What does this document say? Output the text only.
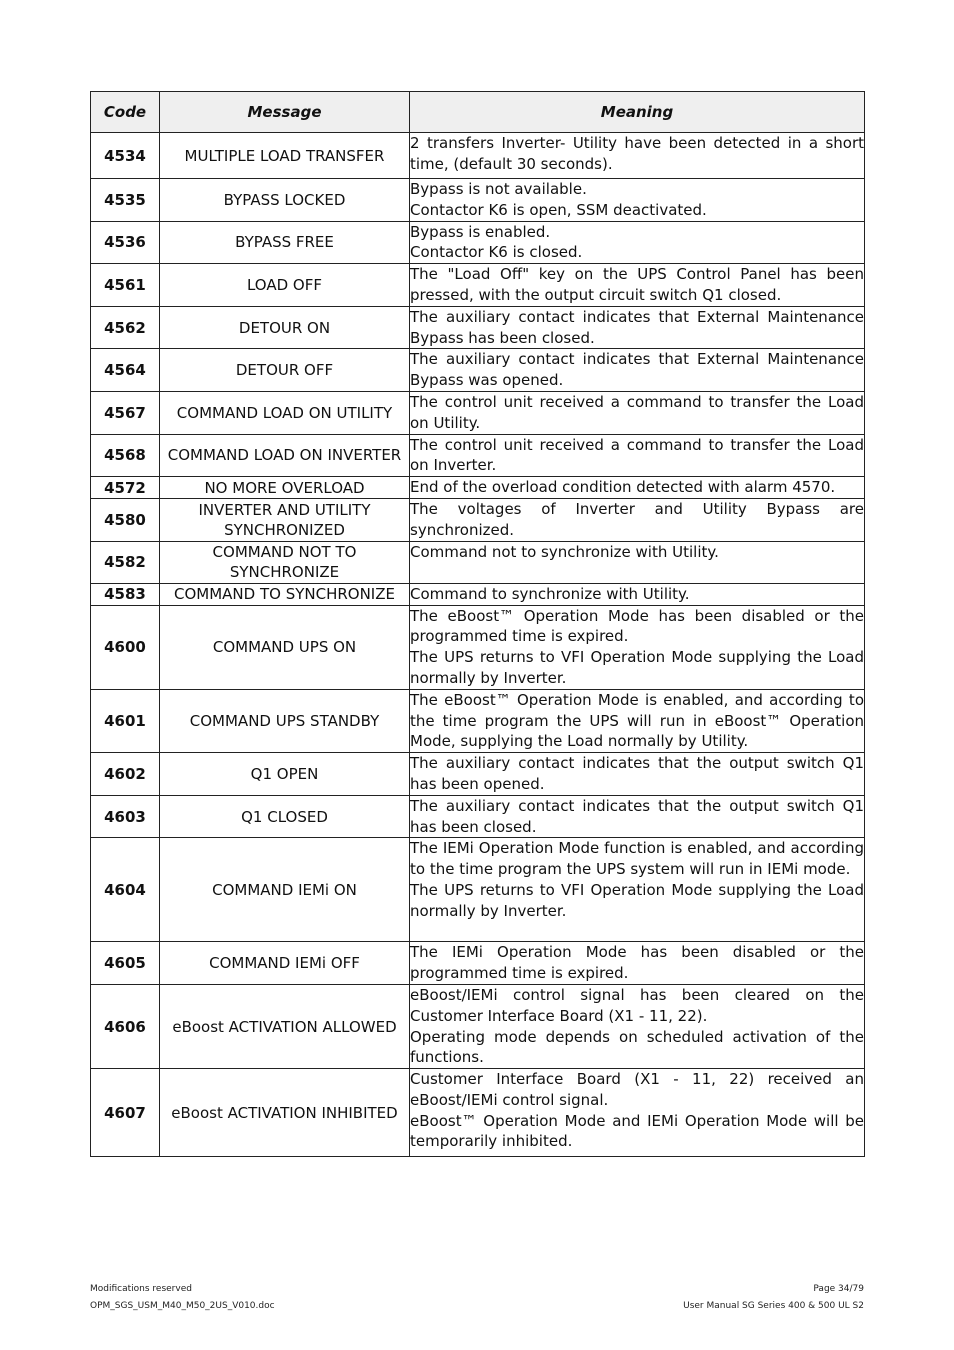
Code	Message	Meaning
4534	MULTIPLE LOAD TRANSFER	2 transfers Inverter- Utility have been detected in a short time, (default 30 seconds).
4535	BYPASS LOCKED	Bypass is not available.
Contactor K6 is open, SSM deactivated.

4536	BYPASS FREE	Bypass is enabled.
Contactor K6 is closed.

4561	LOAD OFF	The "Load Off" key on the UPS Control Panel has been pressed, with the output circuit switch Q1 closed.
4562	DETOUR ON	The auxiliary contact indicates that External Maintenance Bypass has been closed.
4564	DETOUR OFF	The auxiliary contact indicates that External Maintenance Bypass was opened.
4567	COMMAND LOAD ON UTILITY	The control unit received a command to transfer the Load on Utility.
4568	COMMAND LOAD ON INVERTER	The control unit received a command to transfer the Load on Inverter.
4572	NO MORE OVERLOAD	End of the overload condition detected with alarm 4570.
4580	INVERTER AND UTILITY SYNCHRONIZED	The voltages of Inverter and Utility Bypass are synchronized.
4582	COMMAND NOT TO SYNCHRONIZE	Command not to synchronize with Utility.
4583	COMMAND TO SYNCHRONIZE	Command to synchronize with Utility.
4600	COMMAND UPS ON	The eBoost™ Operation Mode has been disabled or the programmed time is expired.
The UPS returns to VFI Operation Mode supplying the Load normally by Inverter.

4601	COMMAND UPS STANDBY	The eBoost™ Operation Mode is enabled, and according to the time program the UPS will run in eBoost™ Operation Mode, supplying the Load normally by Utility.
4602	Q1 OPEN	The auxiliary contact indicates that the output switch Q1 has been opened.
4603	Q1 CLOSED	The auxiliary contact indicates that the output switch Q1 has been closed.
4604	COMMAND IEMi ON	The IEMi Operation Mode function is enabled, and according to the time program the UPS system will run in IEMi mode.
The UPS returns to VFI Operation Mode supplying the Load normally by Inverter.

4605	COMMAND IEMi OFF	The IEMi Operation Mode has been disabled or the programmed time is expired.
4606	eBoost ACTIVATION ALLOWED	eBoost/IEMi control signal has been cleared on the Customer Interface Board (X1 - 11, 22).
Operating mode depends on scheduled activation of the functions.

4607	eBoost ACTIVATION INHIBITED	Customer Interface Board (X1 - 11, 22) received an eBoost/IEMi control signal.
eBoost™ Operation Mode and IEMi Operation Mode will be temporarily inhibited.
Modifications reserved
OPM_SGS_USM_M40_M50_2US_V010.doc
Page 34/79
User Manual SG Series 400 & 500 UL S2
